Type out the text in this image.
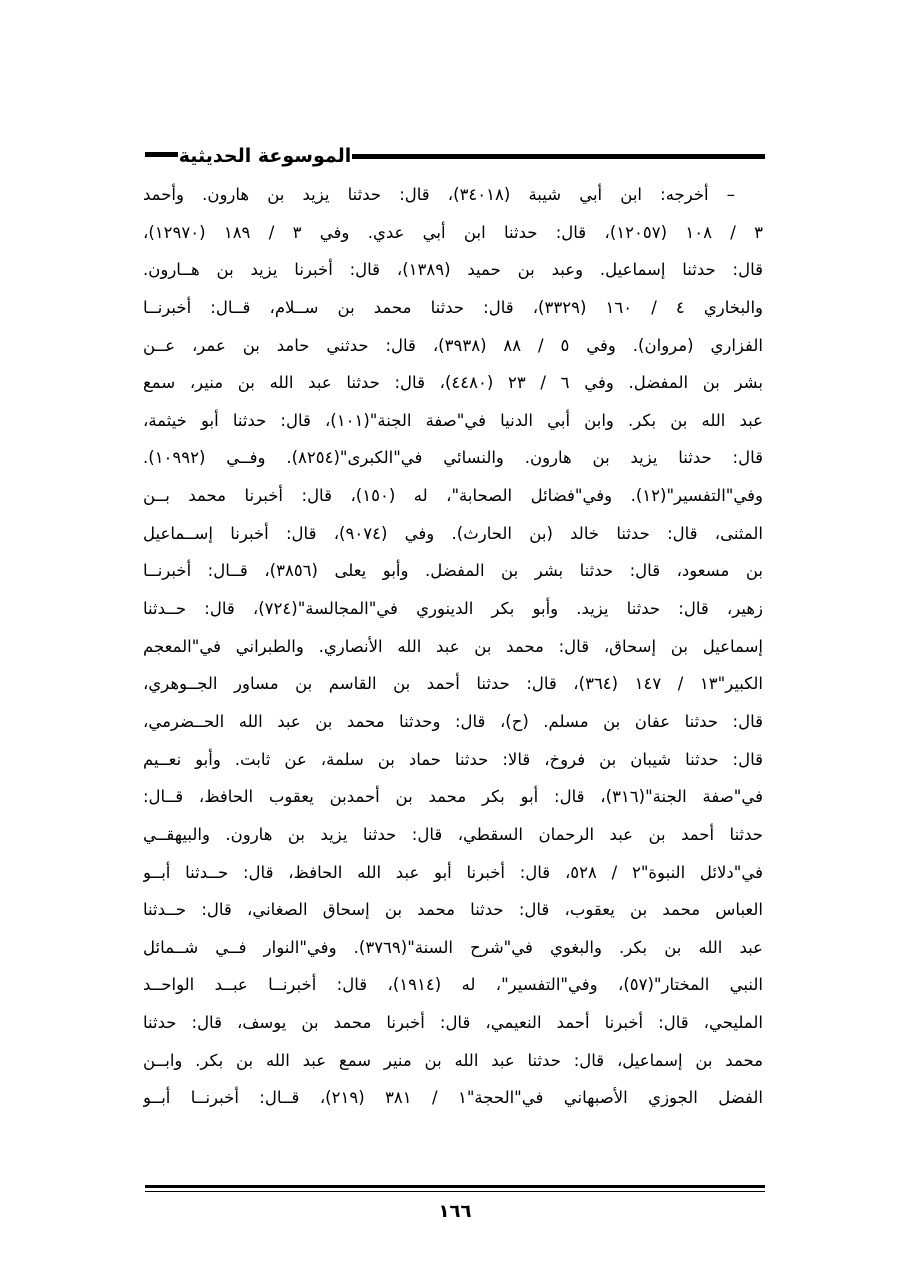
الموسوعة الحديثية
– أخرجه: ابن أبي شيبة (٣٤٠١٨)، قال: حدثنا يزيد بن هارون. وأحمد
٣ / ١٠٨ (١٢٠٥٧)، قال: حدثنا ابن أبي عدي. وفي ٣ / ١٨٩ (١٢٩٧٠)،
قال: حدثنا إسماعيل. وعبد بن حميد (١٣٨٩)، قال: أخبرنا يزيد بن هــارون.
والبخاري ٤ / ١٦٠ (٣٣٢٩)، قال: حدثنا محمد بن ســلام، قــال: أخبرنــا
الفزاري (مروان). وفي ٥ / ٨٨ (٣٩٣٨)، قال: حدثني حامد بن عمر، عــن
بشر بن المفضل. وفي ٦ / ٢٣ (٤٤٨٠)، قال: حدثنا عبد الله بن منير، سمع
عبد الله بن بكر. وابن أبي الدنيا في"صفة الجنة"(١٠١)، قال: حدثنا أبو خيثمة،
قال: حدثنا يزيد بن هارون. والنسائي في"الكبرى"(٨٢٥٤). وفــي (١٠٩٩٢).
وفي"التفسير"(١٢). وفي"فضائل الصحابة"، له (١٥٠)، قال: أخبرنا محمد بــن
المثنى، قال: حدثنا خالد (بن الحارث). وفي (٩٠٧٤)، قال: أخبرنا إســماعيل
بن مسعود، قال: حدثنا بشر بن المفضل. وأبو يعلى (٣٨٥٦)، قــال: أخبرنــا
زهير، قال: حدثنا يزيد. وأبو بكر الدينوري في"المجالسة"(٧٢٤)، قال: حــدثنا
إسماعيل بن إسحاق، قال: محمد بن عبد الله الأنصاري. والطبراني في"المعجم
الكبير"١٣ / ١٤٧ (٣٦٤)، قال: حدثنا أحمد بن القاسم بن مساور الجــوهري،
قال: حدثنا عفان بن مسلم. (ح)، قال: وحدثنا محمد بن عبد الله الحــضرمي،
قال: حدثنا شيبان بن فروخ، قالا: حدثنا حماد بن سلمة، عن ثابت. وأبو نعــيم
في"صفة الجنة"(٣١٦)، قال: أبو بكر محمد بن أحمدبن يعقوب الحافظ، قــال:
حدثنا أحمد بن عبد الرحمان السقطي، قال: حدثنا يزيد بن هارون. والبيهقــي
في"دلائل النبوة"٢ / ٥٢٨، قال: أخبرنا أبو عبد الله الحافظ، قال: حــدثنا أبــو
العباس محمد بن يعقوب، قال: حدثنا محمد بن إسحاق الصغاني، قال: حــدثنا
عبد الله بن بكر. والبغوي في"شرح السنة"(٣٧٦٩). وفي"النوار فــي شــمائل
النبي المختار"(٥٧)، وفي"التفسير"، له (١٩١٤)، قال: أخبرنــا عبــد الواحــد
المليحي، قال: أخبرنا أحمد النعيمي، قال: أخبرنا محمد بن يوسف، قال: حدثنا
محمد بن إسماعيل، قال: حدثنا عبد الله بن منير سمع عبد الله بن بكر. وابــن
الفضل الجوزي الأصبهاني في"الحجة"١ / ٣٨١ (٢١٩)، قــال: أخبرنــا أبــو
١٦٦
